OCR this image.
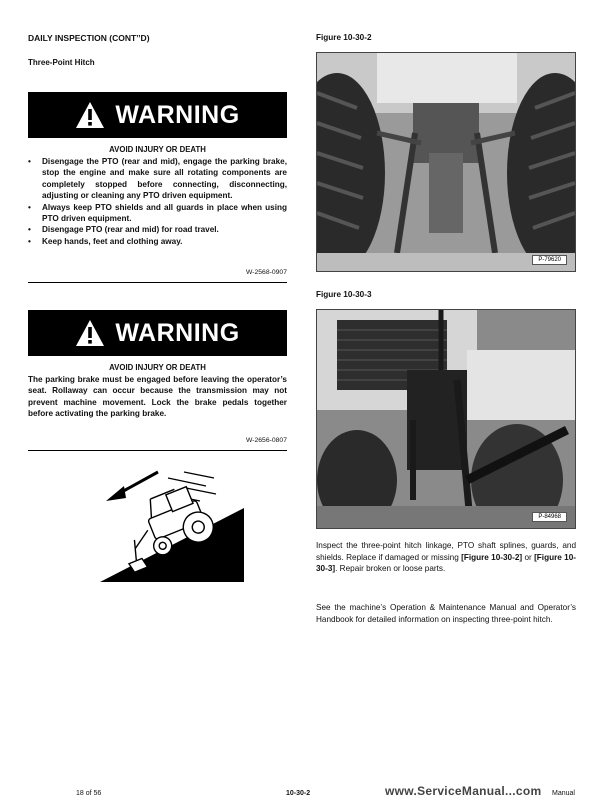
DAILY INSPECTION (CONT’’D)
Three-Point Hitch
WARNING
AVOID INJURY OR DEATH
•	Disengage the PTO (rear and mid), engage the parking brake, stop the engine and make sure all rotating components are completely stopped before connecting, disconnecting, adjusting or cleaning any PTO driven equipment.
•	Always keep PTO shields and all guards in place when using PTO driven equipment.
•	Disengage PTO (rear and mid) for road travel.
•	Keep hands, feet and clothing away.
W-2568-0907
WARNING
AVOID INJURY OR DEATH
The parking brake must be engaged before leaving the operator’s seat. Rollaway can occur because the transmission may not prevent machine movement. Lock the brake pedals together before activating the parking brake.
W-2656-0807
Figure 10-30-2
P-79620
Figure 10-30-3
P-84968
Inspect the three-point hitch linkage, PTO shaft splines, guards, and shields. Replace if damaged or missing [Figure 10-30-2] or [Figure 10-30-3]. Repair broken or loose parts.
See the machine’s Operation & Maintenance Manual and Operator’s Handbook for detailed information on inspecting three-point hitch.
18 of 56	10-30-2	www.ServiceManual...com Manual
